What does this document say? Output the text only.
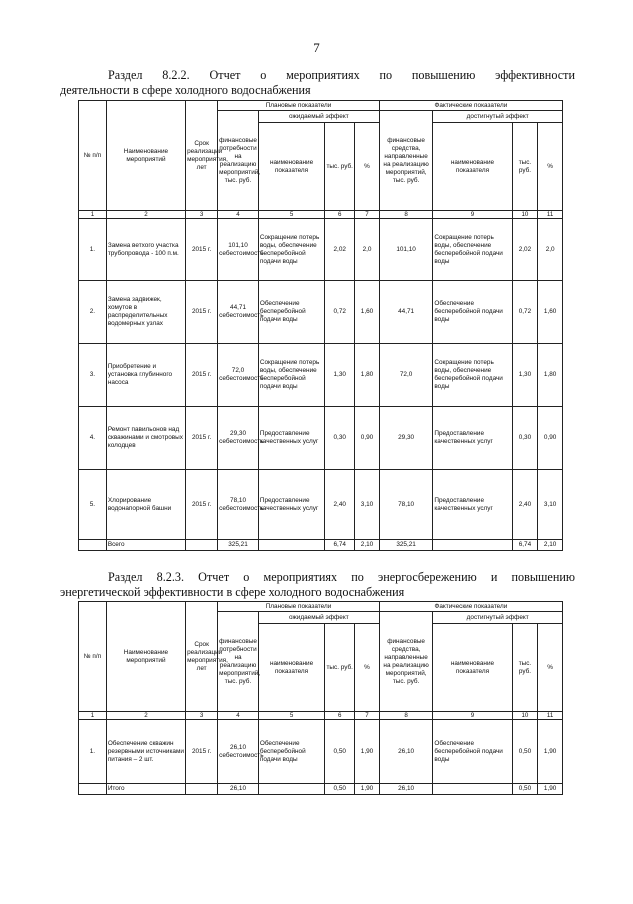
7
Раздел 8.2.2. Отчет о мероприятиях по повышению эффективности
деятельности в сфере холодного водоснабжения
№ п/п	Наименование мероприятий	Срок реализации мероприятия, лет	Плановые показатели				Фактические показатели			
			финансовые потребности на реализацию мероприятий, тыс. руб.	ожидаемый эффект			финансовые средства, направленные на реализацию мероприятий, тыс. руб.	достигнутый эффект		
				наименование показателя	тыс. руб.	%		наименование показателя	тыс. руб.	%
1	2	3	4	5	6	7	8	9	10	11
1.	Замена ветхого участка трубопровода - 100 п.м.	2015 г.	101,10 себестоимость	Сокращение потерь воды, обеспечение бесперебойной подачи воды	2,02	2,0	101,10	Сокращение потерь воды, обеспечение бесперебойной подачи воды	2,02	2,0
2.	Замена задвижек, хомутов в распределительных водомерных узлах	2015 г.	44,71 себестоимость	Обеспечение бесперебойной подачи воды	0,72	1,60	44,71	Обеспечение бесперебойной подачи воды	0,72	1,60
3.	Приобретение и установка глубинного насоса	2015 г.	72,0 себестоимость	Сокращение потерь воды, обеспечение бесперебойной подачи воды	1,30	1,80	72,0	Сокращение потерь воды, обеспечение бесперебойной подачи воды	1,30	1,80
4.	Ремонт павильонов над скважинами и смотровых колодцев	2015 г.	29,30 себестоимость	Предоставление качественных услуг	0,30	0,90	29,30	Предоставление качественных услуг	0,30	0,90
5.	Хлорирование водонапорной башни	2015 г.	78,10 себестоимость	Предоставление качественных услуг	2,40	3,10	78,10	Предоставление качественных услуг	2,40	3,10
	Всего		325,21		6,74	2,10	325,21		6,74	2,10
Раздел 8.2.3. Отчет о мероприятиях по энергосбережению и повышению
энергетической эффективности в сфере холодного водоснабжения
№ п/п	Наименование мероприятий	Срок реализации мероприятия, лет	Плановые показатели				Фактические показатели			
			финансовые потребности на реализацию мероприятий, тыс. руб.	ожидаемый эффект			финансовые средства, направленные на реализацию мероприятий, тыс. руб.	достигнутый эффект		
				наименование показателя	тыс. руб.	%		наименование показателя	тыс. руб.	%
1	2	3	4	5	6	7	8	9	10	11
1.	Обеспечение скважин резервными источниками питания – 2 шт.	2015 г.	26,10 себестоимость	Обеспечение бесперебойной подачи воды	0,50	1,90	26,10	Обеспечение бесперебойной подачи воды	0,50	1,90
	Итого		26,10		0,50	1,90	26,10		0,50	1,90
